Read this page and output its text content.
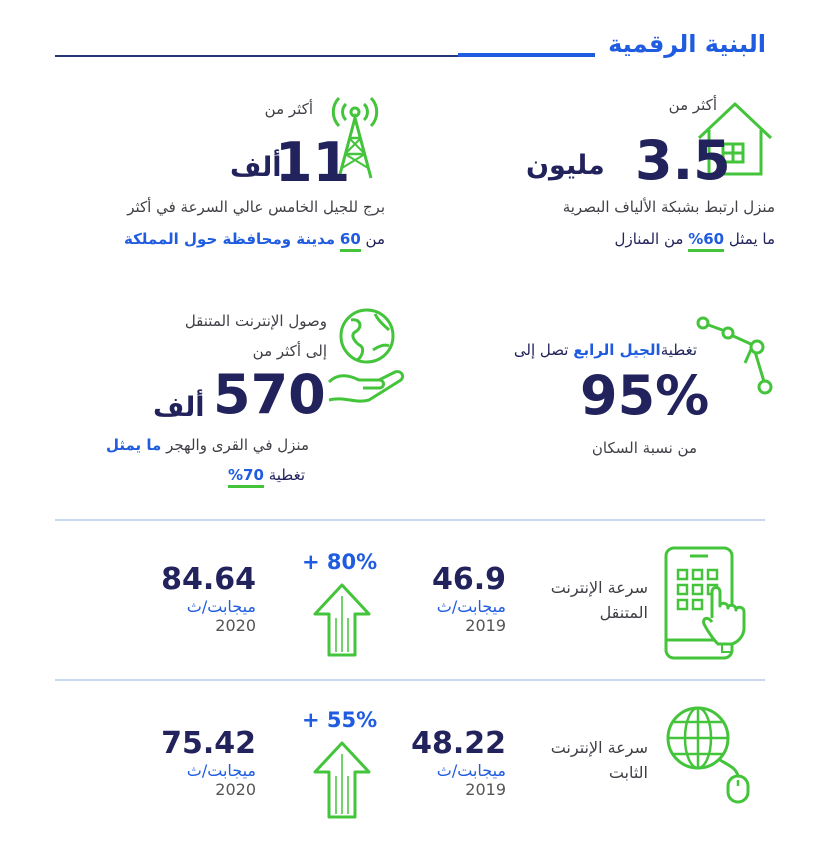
البنية الرقمية
أكثر من
3.5
مليون
منزل ارتبط بشبكة الألياف البصرية
ما يمثل 60% من المنازل
أكثر من
11
ألف
برج للجيل الخامس عالي السرعة في أكثر
من 60 مدينة ومحافظة حول المملكة
تغطيةالجيل الرابع تصل إلى
95%
من نسبة السكان
وصول الإنترنت المتنقل
إلى أكثر من
570
ألف
منزل في القرى والهجر ما يمثل
تغطية 70%
سرعة الإنترنت
المتنقل
46.9
ميجابت/ث
2019
+ 80%
84.64
ميجابت/ث
2020
سرعة الإنترنت
الثابت
48.22
ميجابت/ث
2019
+ 55%
75.42
ميجابت/ث
2020
